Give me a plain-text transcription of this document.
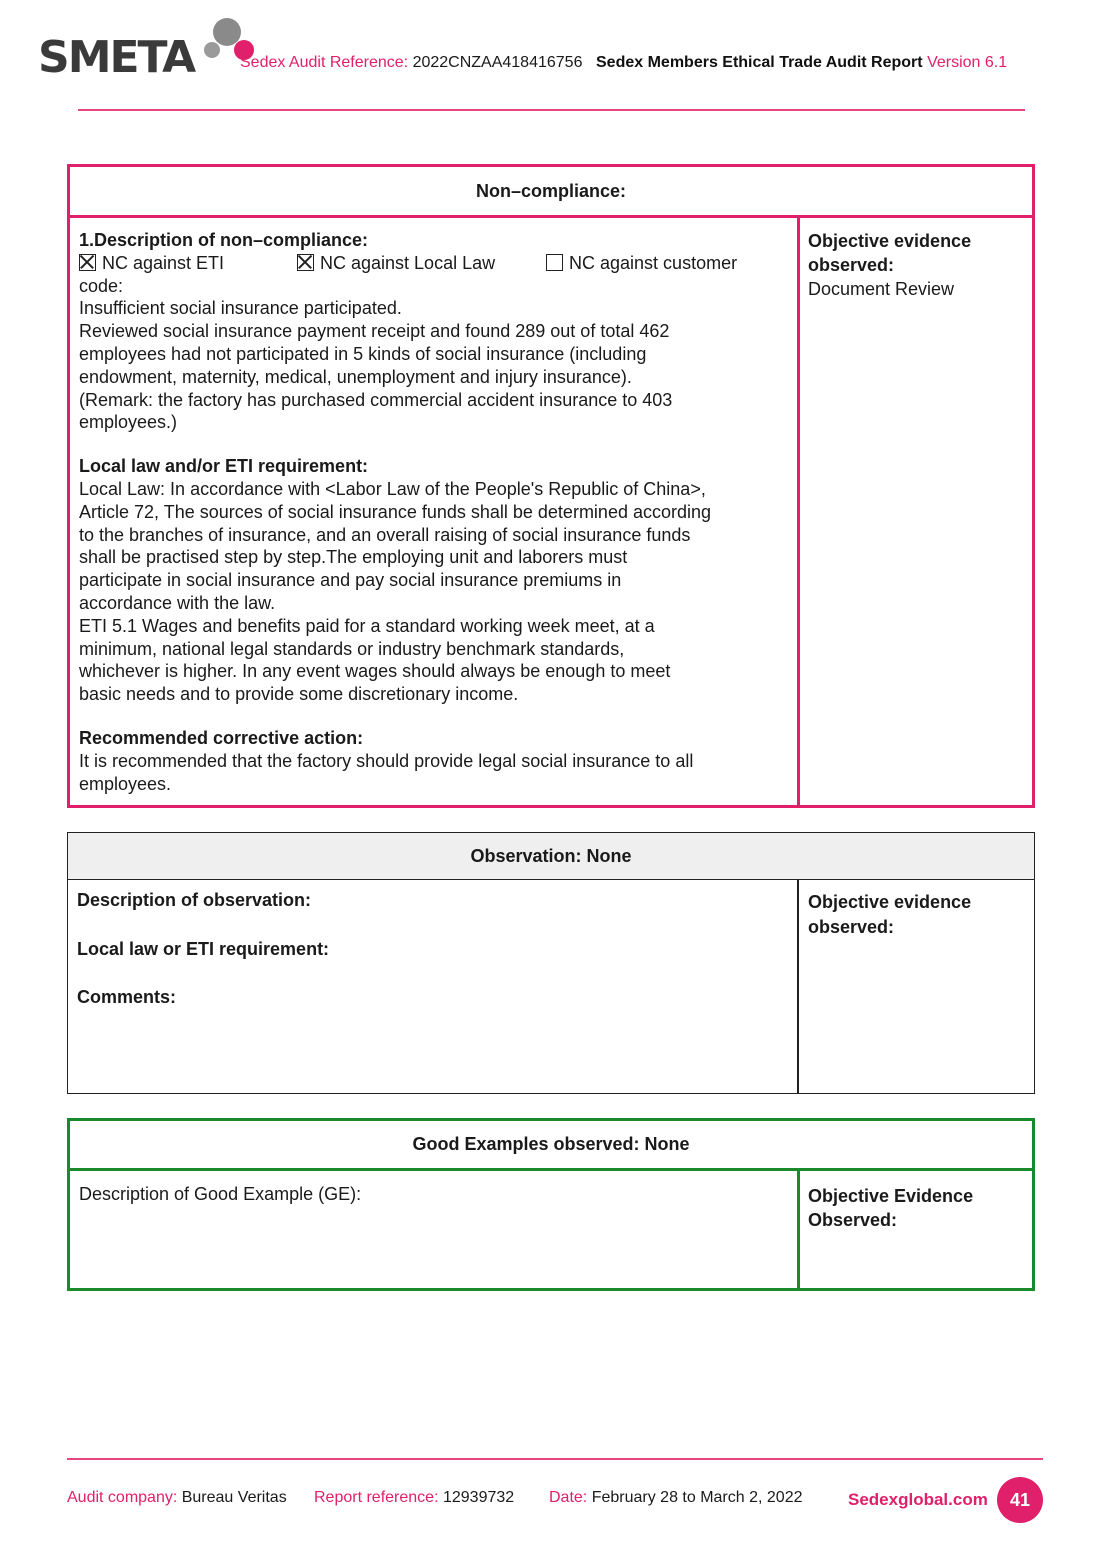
SMETA	Sedex Audit Reference: 2022CNZAA418416756 Sedex Members Ethical Trade Audit Report Version 6.1
Non–compliance:
1.Description of non–compliance:
NC against ETI	NC against Local Law	NC against customer
code:
Insufficient social insurance participated.
Reviewed social insurance payment receipt and found 289 out of total 462
employees had not participated in 5 kinds of social insurance (including
endowment, maternity, medical, unemployment and injury insurance).
(Remark: the factory has purchased commercial accident insurance to 403
employees.)
Local law and/or ETI requirement:
Local Law: In accordance with <Labor Law of the People's Republic of China>,
Article 72, The sources of social insurance funds shall be determined according
to the branches of insurance, and an overall raising of social insurance funds
shall be practised step by step.The employing unit and laborers must
participate in social insurance and pay social insurance premiums in
accordance with the law.
ETI 5.1 Wages and benefits paid for a standard working week meet, at a
minimum, national legal standards or industry benchmark standards,
whichever is higher. In any event wages should always be enough to meet
basic needs and to provide some discretionary income.
Recommended corrective action:
It is recommended that the factory should provide legal social insurance to all
employees.
Objective evidence
observed:
Document Review
Observation: None
Description of observation:
Local law or ETI requirement:
Comments:
Objective evidence
observed:
Good Examples observed: None
Description of Good Example (GE):	Objective Evidence
Observed:
Audit company: Bureau Veritas Report reference: 12939732 Date: February 28 to March 2, 2022	Sedexglobal.com	41
